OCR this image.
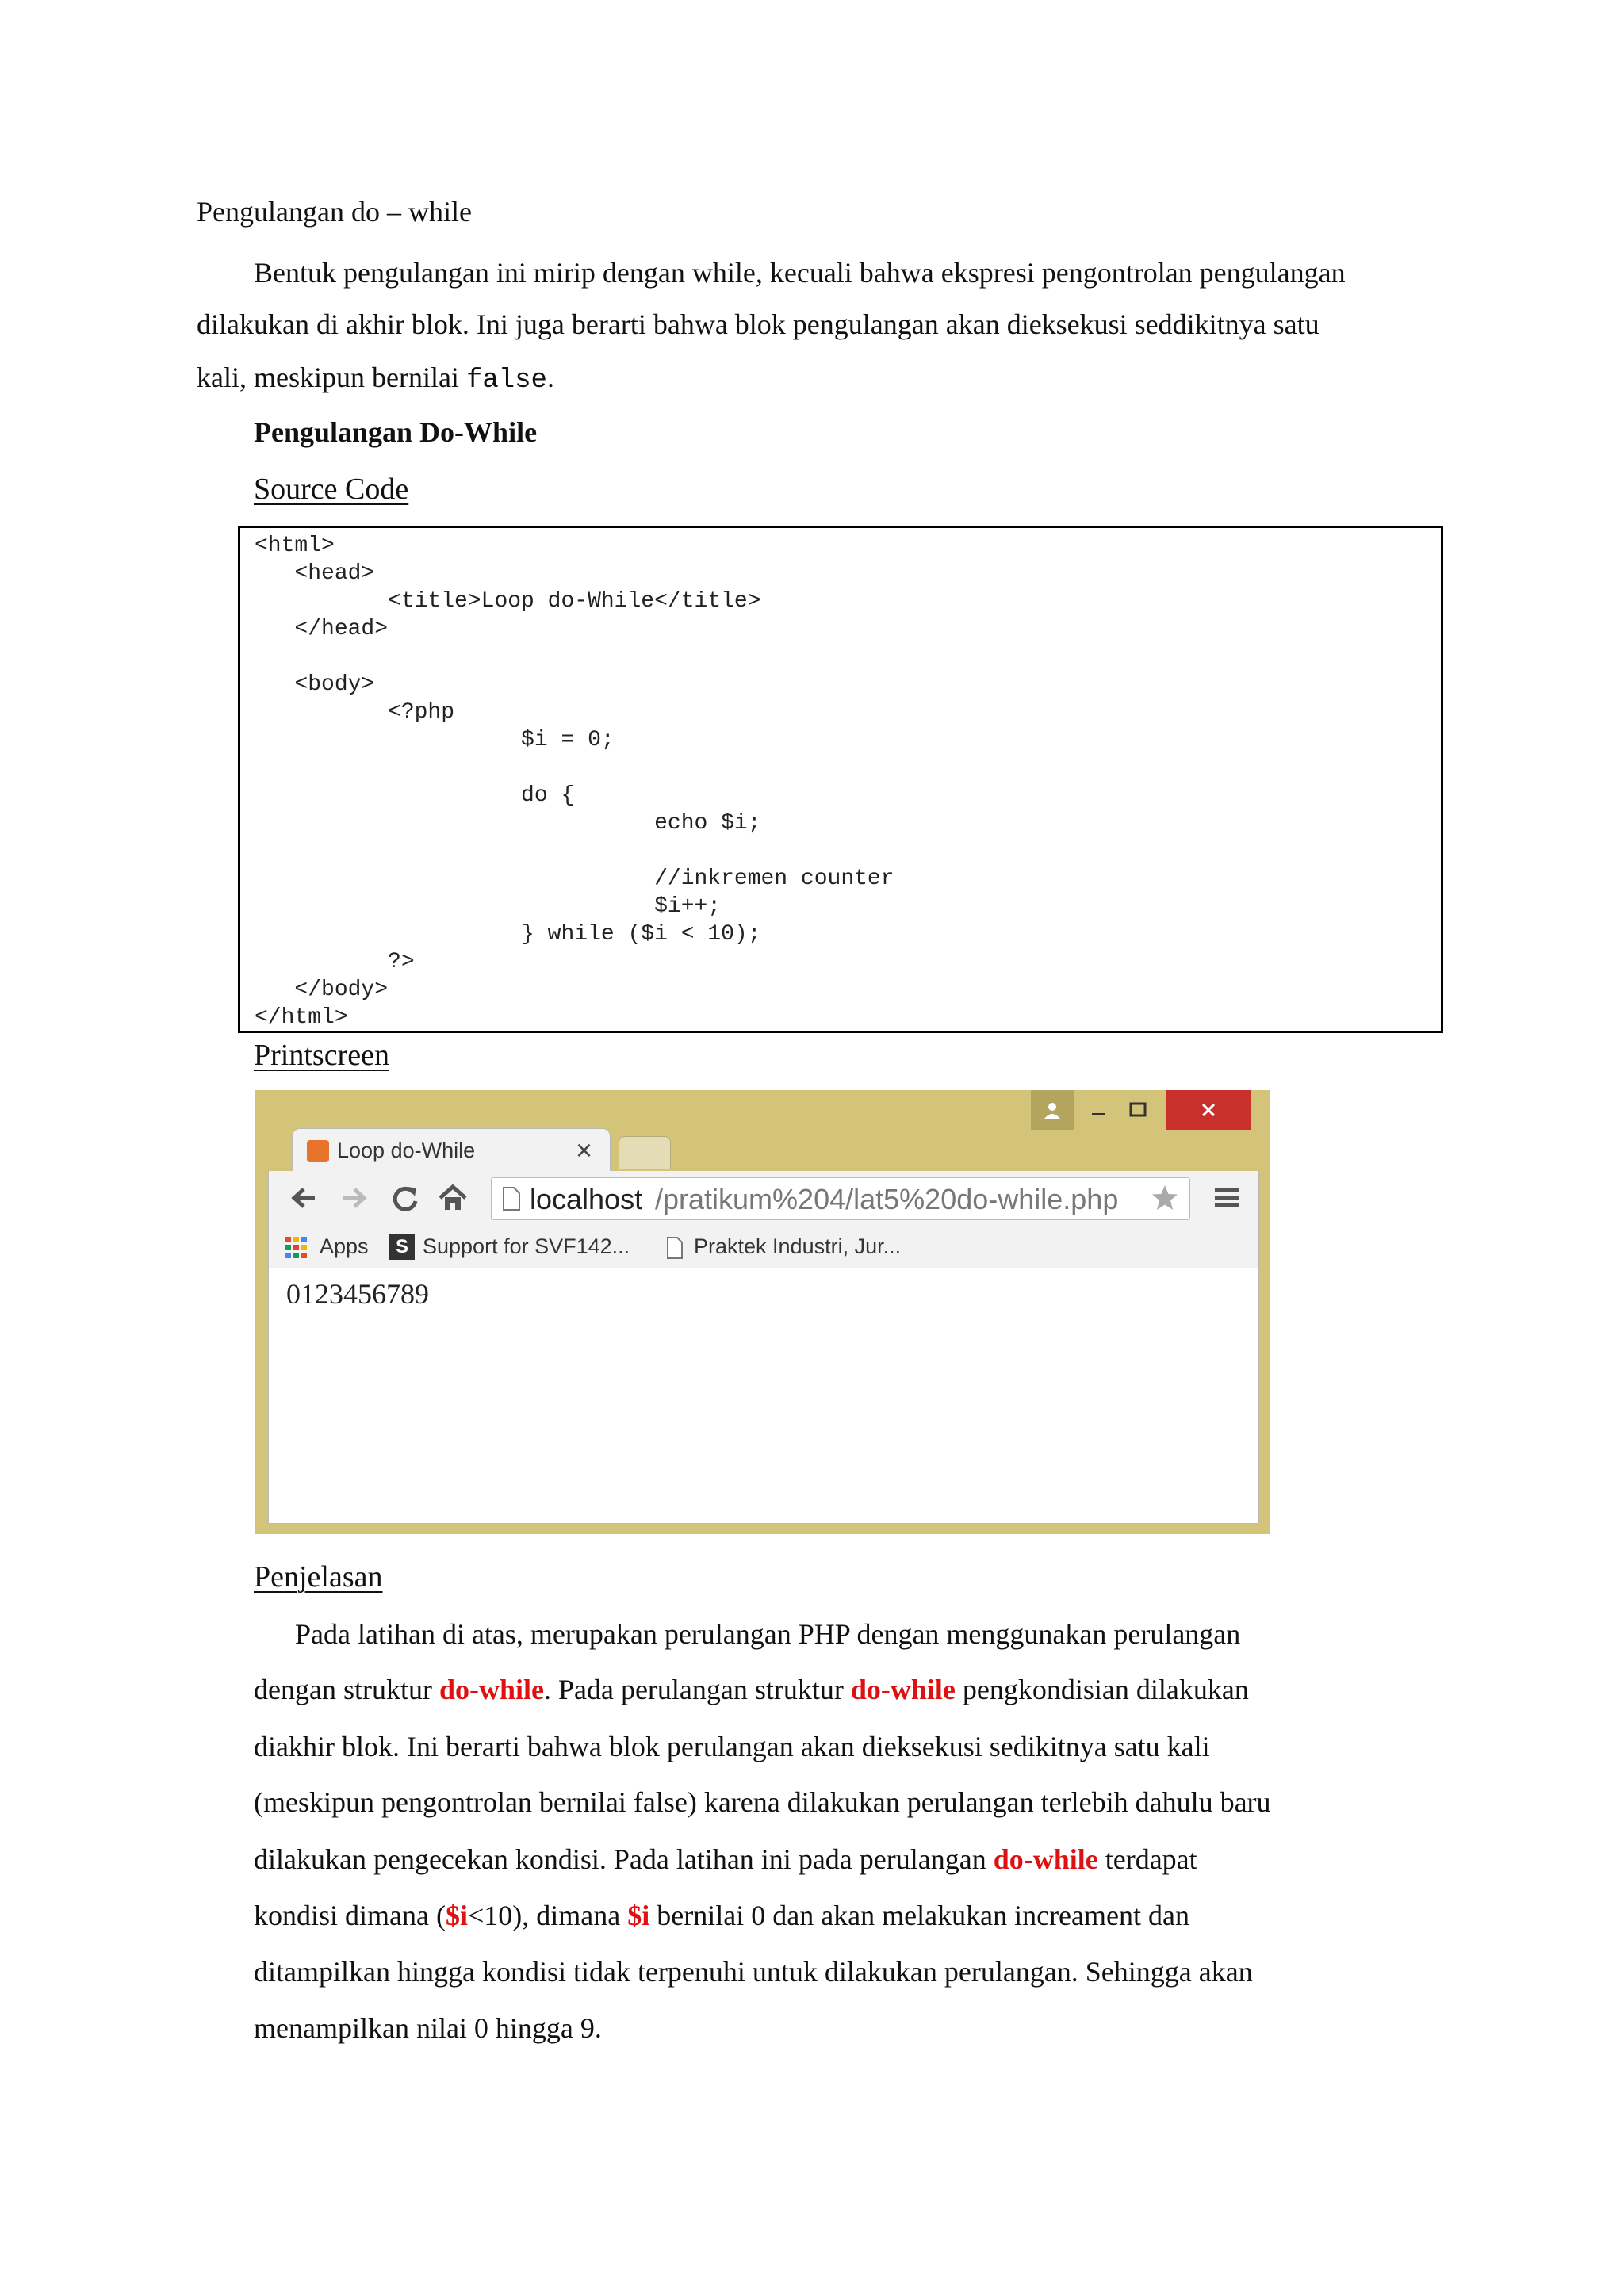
Pengulangan do – while
Bentuk pengulangan ini mirip dengan while, kecuali bahwa ekspresi pengontrolan pengulangan
dilakukan di akhir blok. Ini juga berarti bahwa blok pengulangan akan dieksekusi seddikitnya satu
kali, meskipun bernilai false.
Pengulangan Do-While
Source Code
<html>
<head>
<title>Loop do-While</title>
</head>
<body>
<?php
$i = 0;
do {
echo $i;
//inkremen counter
$i++;
} while ($i < 10);
?>
</body>
</html>
Printscreen
Loop do-While	×
localhost /pratikum%204/lat5%20do-while.php
Apps	S Support for SVF142...	Praktek Industri, Jur...
0123456789
Penjelasan
Pada latihan di atas, merupakan perulangan PHP dengan menggunakan perulangan
dengan struktur do-while. Pada perulangan struktur do-while pengkondisian dilakukan
diakhir blok. Ini berarti bahwa blok perulangan akan dieksekusi sedikitnya satu kali
(meskipun pengontrolan bernilai false) karena dilakukan perulangan terlebih dahulu baru
dilakukan pengecekan kondisi. Pada latihan ini pada perulangan do-while terdapat
kondisi dimana ($i<10), dimana $i bernilai 0 dan akan melakukan increament dan
ditampilkan hingga kondisi tidak terpenuhi untuk dilakukan perulangan. Sehingga akan
menampilkan nilai 0 hingga 9.
